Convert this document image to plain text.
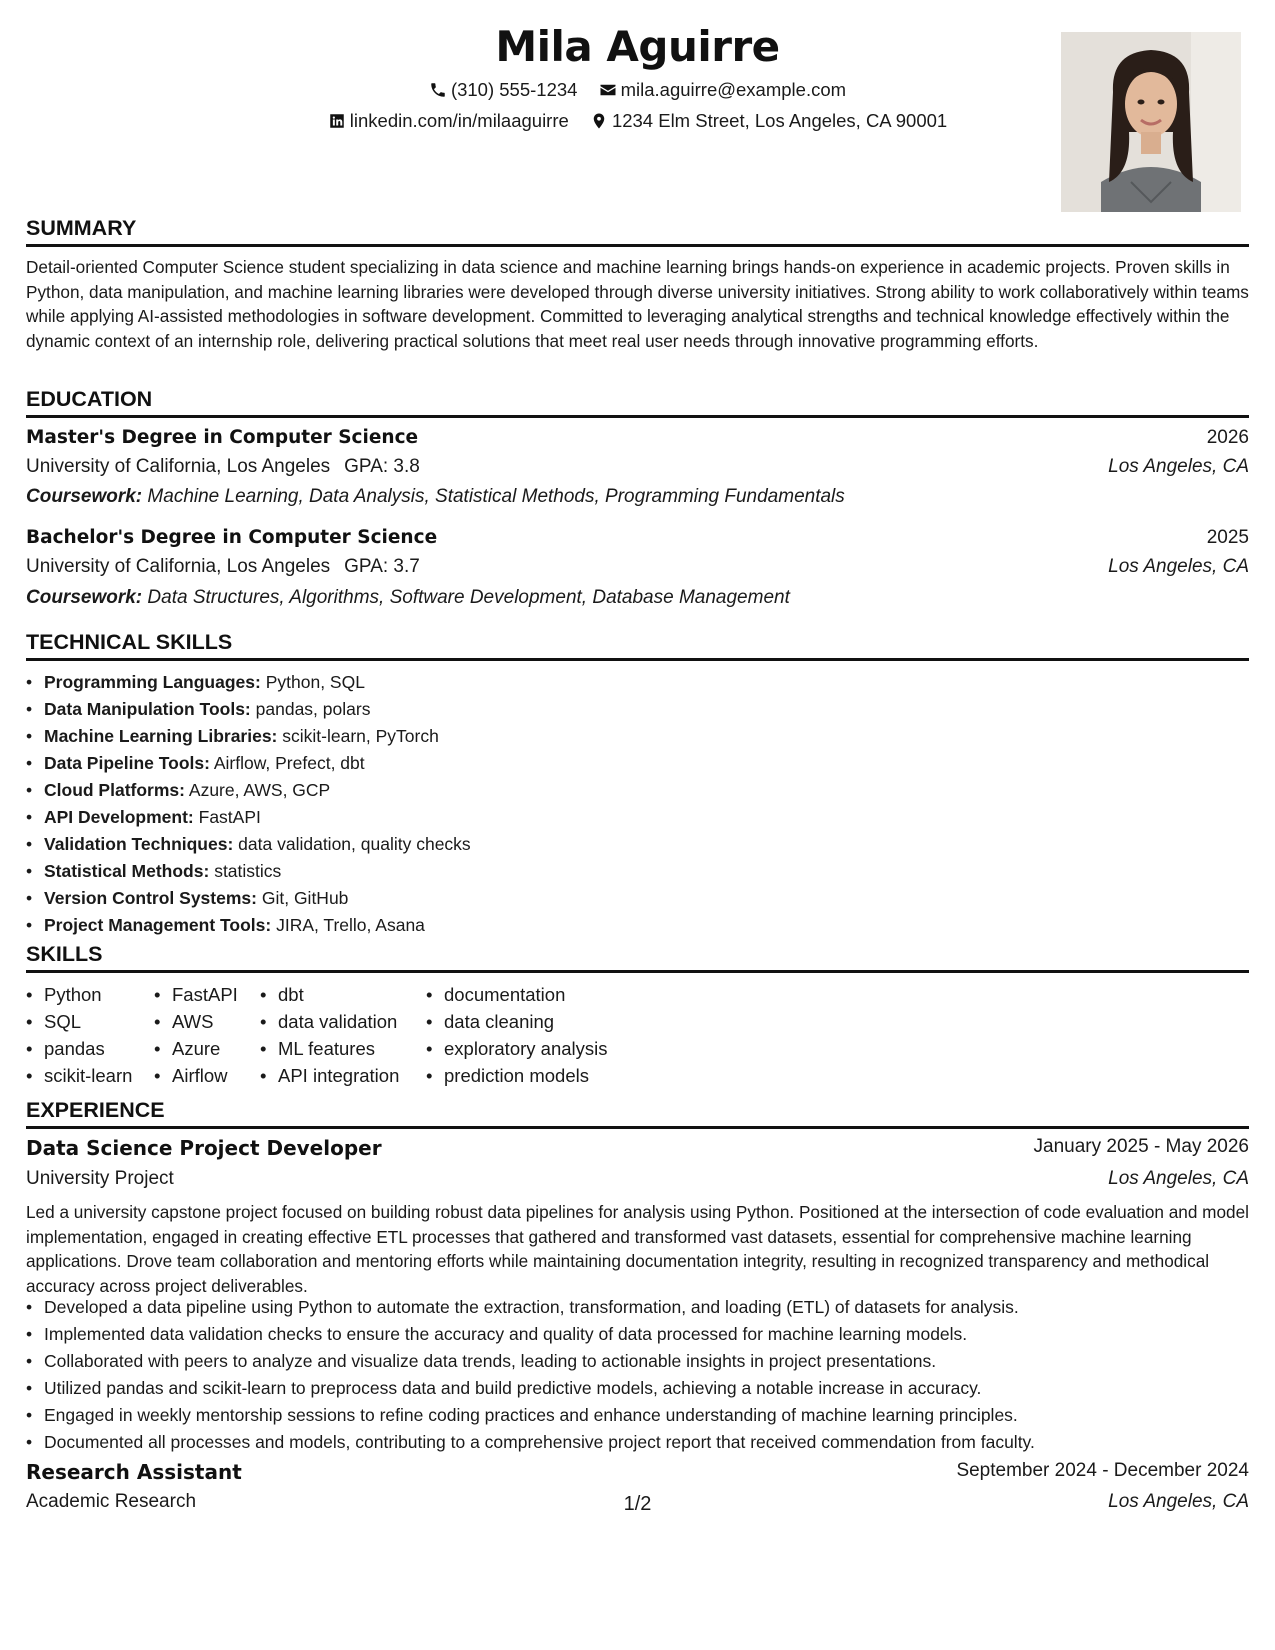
Mila Aguirre
(310) 555-1234
mila.aguirre@example.com
linkedin.com/in/milaaguirre
1234 Elm Street, Los Angeles, CA 90001
SUMMARY
Detail-oriented Computer Science student specializing in data science and machine learning brings hands-on experience in academic projects. Proven skills in Python, data manipulation, and machine learning libraries were developed through diverse university initiatives. Strong ability to work collaboratively within teams while applying AI-assisted methodologies in software development. Committed to leveraging analytical strengths and technical knowledge effectively within the dynamic context of an internship role, delivering practical solutions that meet real user needs through innovative programming efforts.
EDUCATION
Master's Degree in Computer Science	2026
University of California, Los Angeles GPA: 3.8	Los Angeles, CA
Coursework: Machine Learning, Data Analysis, Statistical Methods, Programming Fundamentals
Bachelor's Degree in Computer Science	2025
University of California, Los Angeles GPA: 3.7	Los Angeles, CA
Coursework: Data Structures, Algorithms, Software Development, Database Management
TECHNICAL SKILLS
• Programming Languages: Python, SQL
• Data Manipulation Tools: pandas, polars
• Machine Learning Libraries: scikit-learn, PyTorch
• Data Pipeline Tools: Airflow, Prefect, dbt
• Cloud Platforms: Azure, AWS, GCP
• API Development: FastAPI
• Validation Techniques: data validation, quality checks
• Statistical Methods: statistics
• Version Control Systems: Git, GitHub
• Project Management Tools: JIRA, Trello, Asana
SKILLS
• Python
• SQL
• pandas
• scikit-learn
• FastAPI
• AWS
• Azure
• Airflow
• dbt
• data validation
• ML features
• API integration
• documentation
• data cleaning
• exploratory analysis
• prediction models
EXPERIENCE
Data Science Project Developer	January 2025 - May 2026
University Project	Los Angeles, CA
Led a university capstone project focused on building robust data pipelines for analysis using Python. Positioned at the intersection of code evaluation and model implementation, engaged in creating effective ETL processes that gathered and transformed vast datasets, essential for comprehensive machine learning applications. Drove team collaboration and mentoring efforts while maintaining documentation integrity, resulting in recognized transparency and methodical accuracy across project deliverables.
• Developed a data pipeline using Python to automate the extraction, transformation, and loading (ETL) of datasets for analysis.
• Implemented data validation checks to ensure the accuracy and quality of data processed for machine learning models.
• Collaborated with peers to analyze and visualize data trends, leading to actionable insights in project presentations.
• Utilized pandas and scikit-learn to preprocess data and build predictive models, achieving a notable increase in accuracy.
• Engaged in weekly mentorship sessions to refine coding practices and enhance understanding of machine learning principles.
• Documented all processes and models, contributing to a comprehensive project report that received commendation from faculty.
Research Assistant	September 2024 - December 2024
Academic Research	Los Angeles, CA
1/2
